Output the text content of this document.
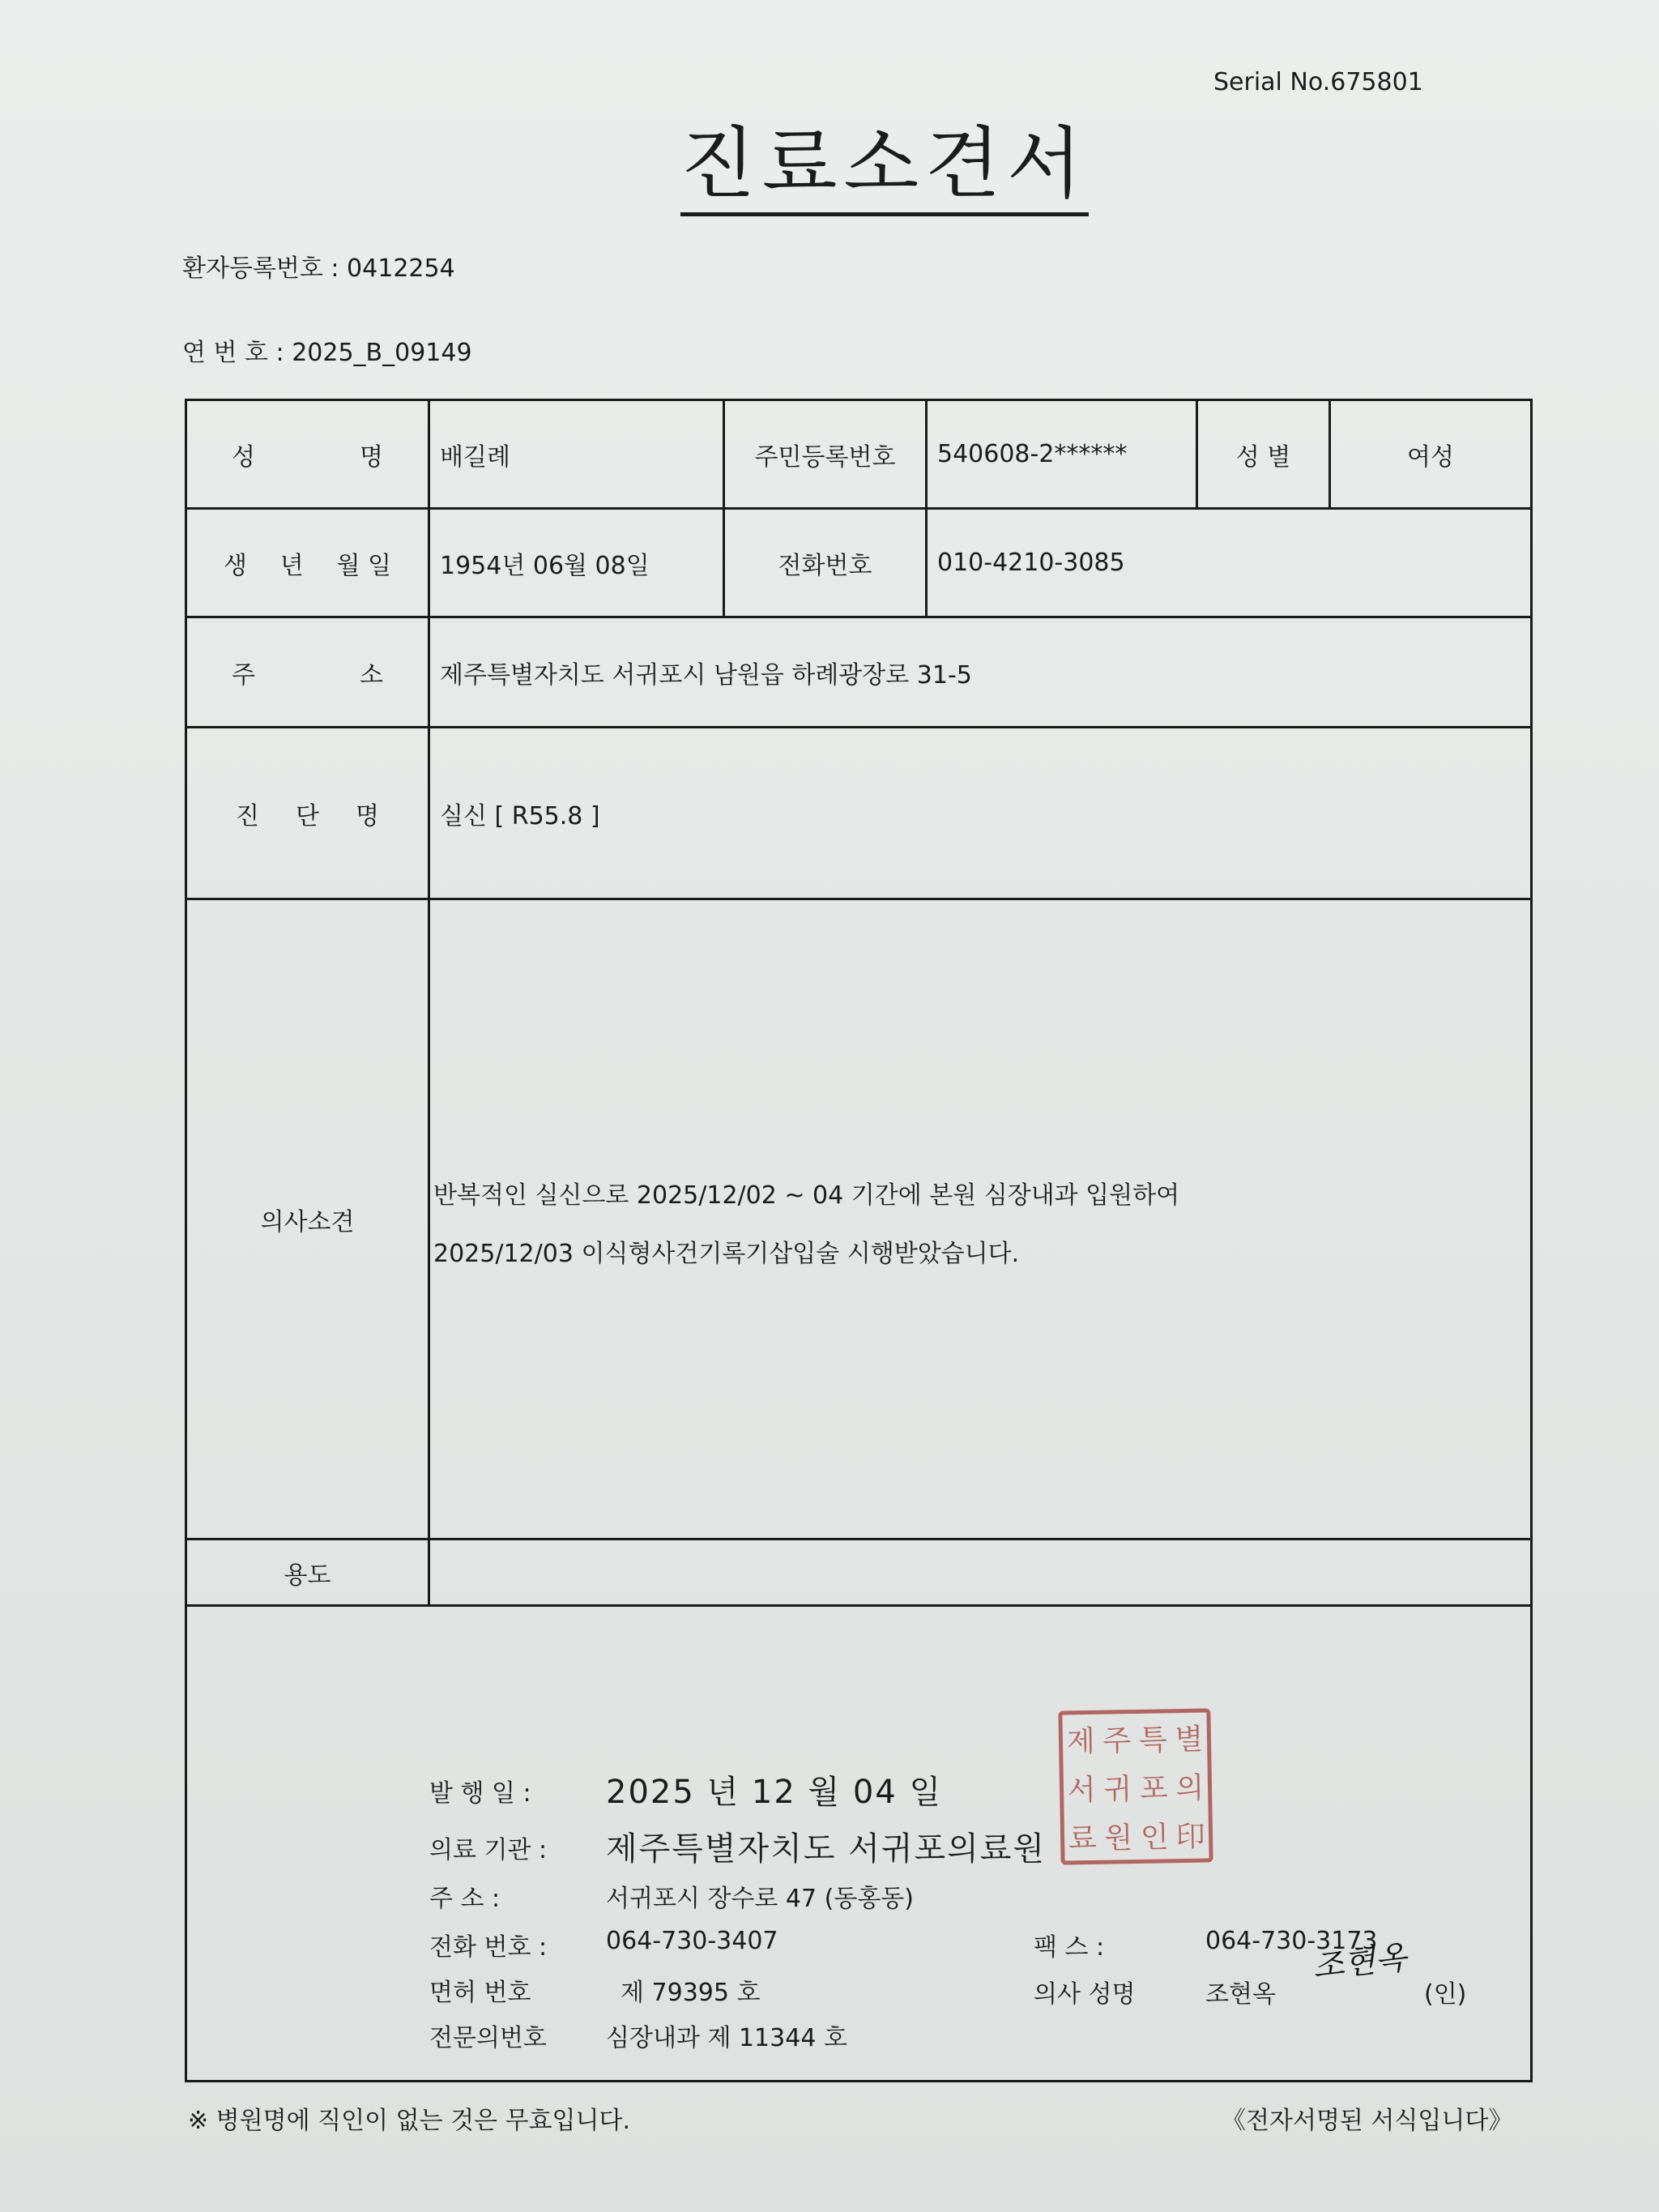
Serial No.675801
진료소견서
환자등록번호 : 0412254
연 번 호 : 2025_B_09149
성	명	배길례	주민등록번호	540608-2******	성 별	여성
생 년 월 일	1954년 06월 08일	전화번호	010-4210-3085
주	소	제주특별자치도 서귀포시 남원읍 하례광장로 31-5
진 단 명	실신 [ R55.8 ]
의사소견
반복적인 실신으로 2025/12/02 ~ 04 기간에 본원 심장내과 입원하여
2025/12/03 이식형사건기록기삽입술 시행받았습니다.
용도
발 행 일 : 2025 년 12 월 04 일
의료 기관 : 제주특별자치도 서귀포의료원
주 소 :	서귀포시 장수로 47 (동홍동)
전화 번호 : 064-730-3407	팩 스 :	064-730-3173
면허 번호	제 79395 호	의사 성명	조현옥	(인)
전문의번호 심장내과 제 11344 호
제 주 특 별
서 귀 포 의
료 원 인 印
조현옥
※ 병원명에 직인이 없는 것은 무효입니다.	《전자서명된 서식입니다》
